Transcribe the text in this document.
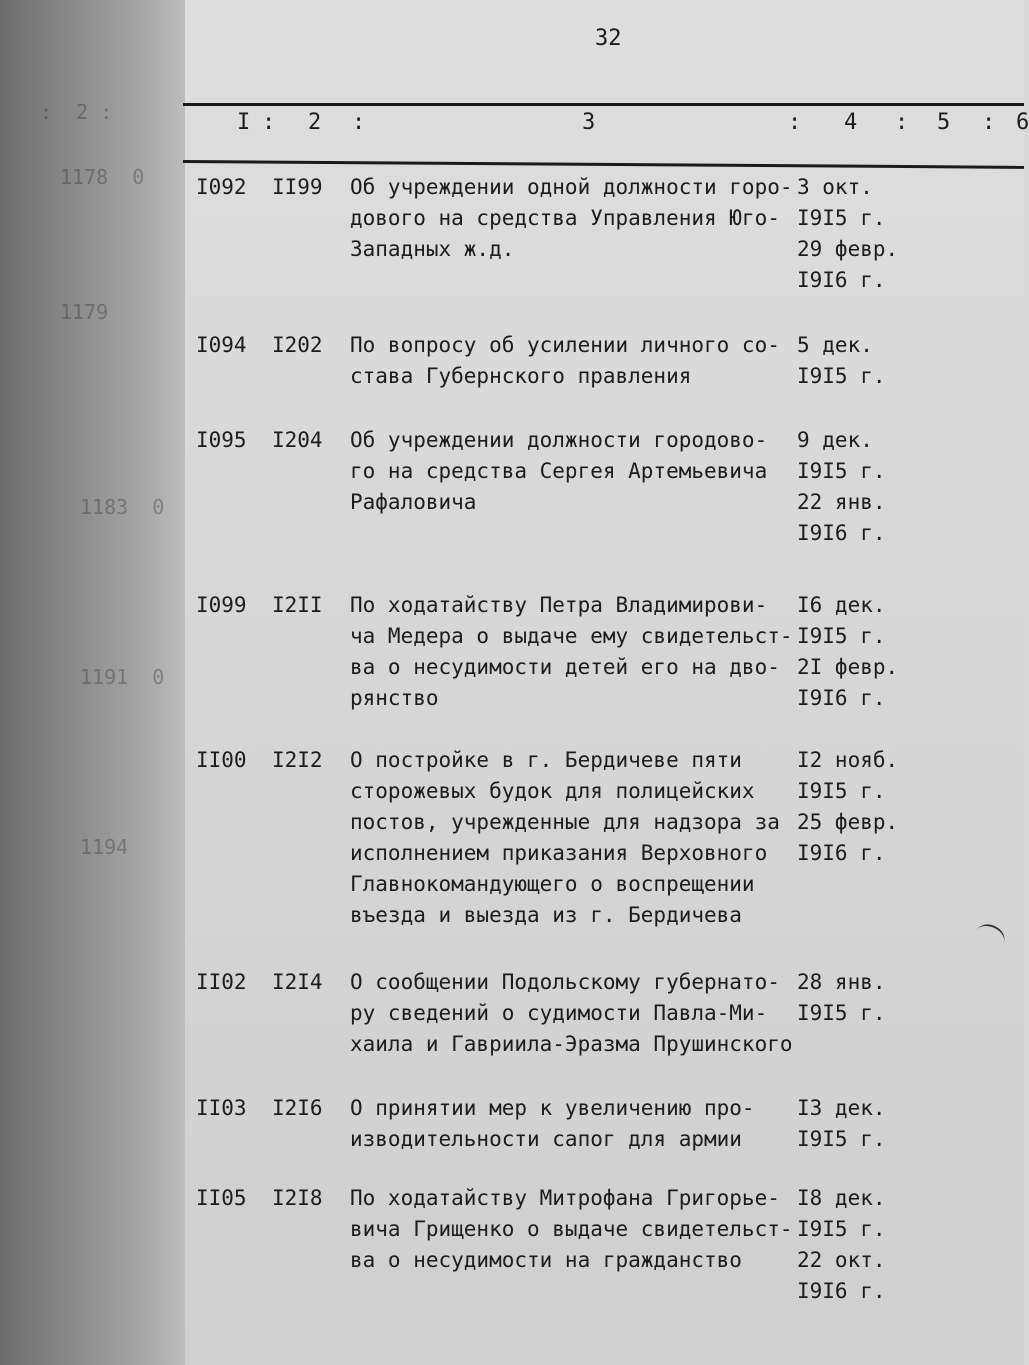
:  2 :
1178  0
1179
1183  0
1191  0
1194
32
I : 2 :	3	: 4 : 5 : 6
I092 II99 Об учреждении одной должности горо-
дового на средства Управления Юго-
Западных ж.д.
3 окт.
I9I5 г.
29 февр.
I9I6 г.
I094 I202 По вопросу об усилении личного со-
става Губернского правления
5 дек.
I9I5 г.
I095 I204 Об учреждении должности городово-
го на средства Сергея Артемьевича
Рафаловича
9 дек.
I9I5 г.
22 янв.
I9I6 г.
I099 I2II По ходатайству Петра Владимирови-
ча Медера о выдаче ему свидетельст-
ва о несудимости детей его на дво-
рянство
I6 дек.
I9I5 г.
2I февр.
I9I6 г.
II00 I2I2 О постройке в г. Бердичеве пяти
сторожевых будок для полицейских
постов, учрежденные для надзора за
исполнением приказания Верховного
Главнокомандующего о воспрещении
въезда и выезда из г. Бердичева
I2 нояб.
I9I5 г.
25 февр.
I9I6 г.
II02 I2I4 О сообщении Подольскому губернато-
ру сведений о судимости Павла-Ми-
хаила и Гавриила-Эразма Прушинского
28 янв.
I9I5 г.
II03 I2I6 О принятии мер к увеличению про-
изводительности сапог для армии
I3 дек.
I9I5 г.
II05 I2I8 По ходатайству Митрофана Григорье-
вича Грищенко о выдаче свидетельст-
ва о несудимости на гражданство
I8 дек.
I9I5 г.
22 окт.
I9I6 г.
